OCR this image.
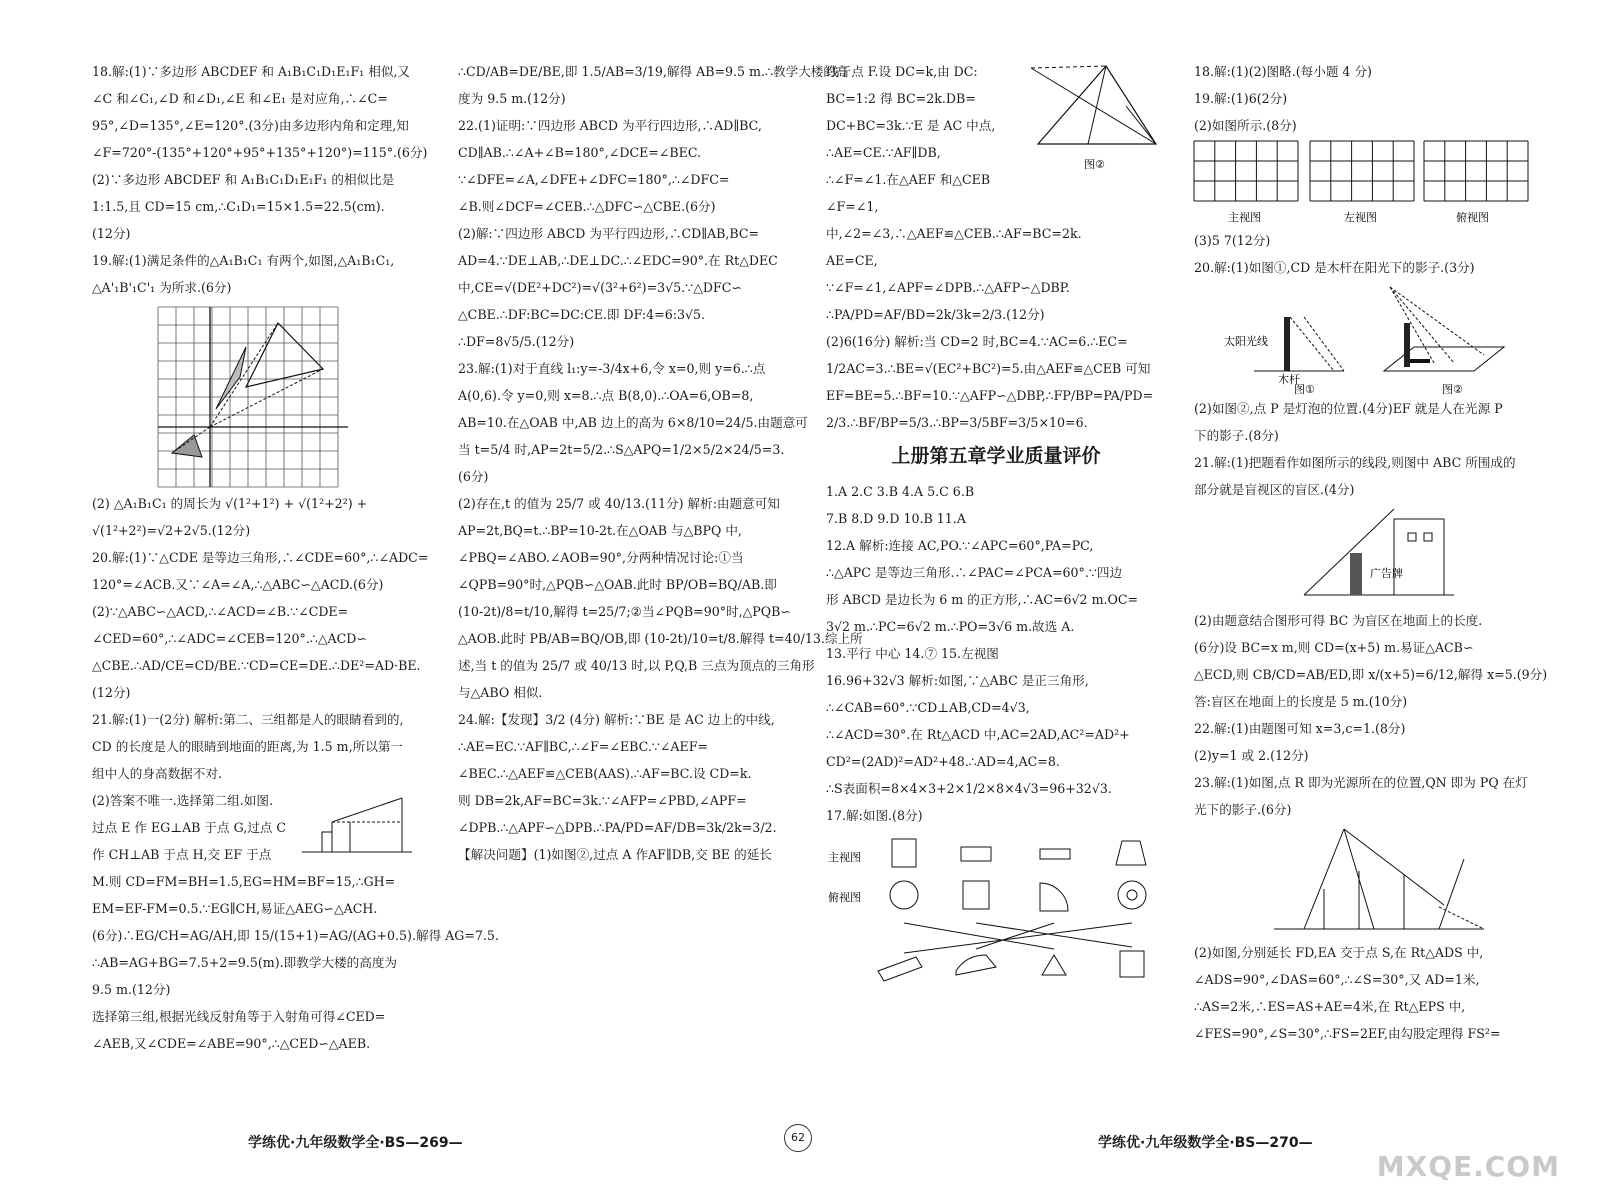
18.解:(1)∵多边形 ABCDEF 和 A₁B₁C₁D₁E₁F₁ 相似,又

∠C 和∠C₁,∠D 和∠D₁,∠E 和∠E₁ 是对应角,∴∠C=

95°,∠D=135°,∠E=120°.(3分)由多边形内角和定理,知

∠F=720°-(135°+120°+95°+135°+120°)=115°.(6分)

(2)∵多边形 ABCDEF 和 A₁B₁C₁D₁E₁F₁ 的相似比是

1:1.5,且 CD=15 cm,∴C₁D₁=15×1.5=22.5(cm).

(12分)

19.解:(1)满足条件的△A₁B₁C₁ 有两个,如图,△A₁B₁C₁,

△A'₁B'₁C'₁ 为所求.(6分)

(2) △A₁B₁C₁ 的周长为 √(1²+1²) + √(1²+2²) +

√(1²+2²)=√2+2√5.(12分)

20.解:(1)∵△CDE 是等边三角形,∴∠CDE=60°,∴∠ADC=

120°=∠ACB.又∵∠A=∠A,∴△ABC∽△ACD.(6分)

(2)∵△ABC∽△ACD,∴∠ACD=∠B.∵∠CDE=

∠CED=60°,∴∠ADC=∠CEB=120°.∴△ACD∽

△CBE.∴AD/CE=CD/BE.∵CD=CE=DE.∴DE²=AD·BE.

(12分)

21.解:(1)一(2分) 解析:第二、三组都是人的眼睛看到的,

CD 的长度是人的眼睛到地面的距离,为 1.5 m,所以第一

组中人的身高数据不对.

(2)答案不唯一.选择第二组.如图.

过点 E 作 EG⊥AB 于点 G,过点 C

作 CH⊥AB 于点 H,交 EF 于点

M.则 CD=FM=BH=1.5,EG=HM=BF=15,∴GH=

EM=EF-FM=0.5.∵EG∥CH,易证△AEG∽△ACH.

(6分)∴EG/CH=AG/AH,即 15/(15+1)=AG/(AG+0.5).解得 AG=7.5.

∴AB=AG+BG=7.5+2=9.5(m).即教学大楼的高度为

9.5 m.(12分)

选择第三组,根据光线反射角等于入射角可得∠CED=

∠AEB,又∠CDE=∠ABE=90°,∴△CED∽△AEB.

∴CD/AB=DE/BE,即 1.5/AB=3/19,解得 AB=9.5 m.∴教学大楼的高

度为 9.5 m.(12分)

22.(1)证明:∵四边形 ABCD 为平行四边形,∴AD∥BC,

CD∥AB.∴∠A+∠B=180°,∠DCE=∠BEC.

∵∠DFE=∠A,∠DFE+∠DFC=180°,∴∠DFC=

∠B.则∠DCF=∠CEB.∴△DFC∽△CBE.(6分)

(2)解:∵四边形 ABCD 为平行四边形,∴CD∥AB,BC=

AD=4.∵DE⊥AB,∴DE⊥DC.∴∠EDC=90°.在 Rt△DEC

中,CE=√(DE²+DC²)=√(3²+6²)=3√5.∵△DFC∽

△CBE.∴DF:BC=DC:CE.即 DF:4=6:3√5.

∴DF=8√5/5.(12分)

23.解:(1)对于直线 l₁:y=-3/4x+6,令 x=0,则 y=6.∴点

A(0,6).令 y=0,则 x=8.∴点 B(8,0).∴OA=6,OB=8,

AB=10.在△OAB 中,AB 边上的高为 6×8/10=24/5.由题意可

当 t=5/4 时,AP=2t=5/2.∴S△APQ=1/2×5/2×24/5=3.

(6分)

(2)存在,t 的值为 25/7 或 40/13.(11分) 解析:由题意可知

AP=2t,BQ=t.∴BP=10-2t.在△OAB 与△BPQ 中,

∠PBQ=∠ABO.∠AOB=90°,分两种情况讨论:①当

∠QPB=90°时,△PQB∽△OAB.此时 BP/OB=BQ/AB.即

(10-2t)/8=t/10,解得 t=25/7;②当∠PQB=90°时,△PQB∽

△AOB.此时 PB/AB=BQ/OB,即 (10-2t)/10=t/8.解得 t=40/13.综上所

述,当 t 的值为 25/7 或 40/13 时,以 P,Q,B 三点为顶点的三角形

与△ABO 相似.

24.解:【发现】3/2 (4分) 解析:∵BE 是 AC 边上的中线,

∴AE=EC.∵AF∥BC,∴∠F=∠EBC.∵∠AEF=

∠BEC.∴△AEF≌△CEB(AAS).∴AF=BC.设 CD=k.

则 DB=2k,AF=BC=3k.∵∠AFP=∠PBD,∠APF=

∠DPB.∴△APF∽△DPB.∴PA/PD=AF/DB=3k/2k=3/2.

【解决问题】(1)如图②,过点 A 作AF∥DB,交 BE 的延长

图②

线于点 F.设 DC=k,由 DC:

BC=1:2 得 BC=2k.DB=

DC+BC=3k.∵E 是 AC 中点,

∴AE=CE.∵AF∥DB,

∴∠F=∠1.在△AEF 和△CEB

∠F=∠1,

中,∠2=∠3,∴△AEF≌△CEB.∴AF=BC=2k.

AE=CE,

∵∠F=∠1,∠APF=∠DPB.∴△AFP∽△DBP.

∴PA/PD=AF/BD=2k/3k=2/3.(12分)

(2)6(16分) 解析:当 CD=2 时,BC=4.∵AC=6.∴EC=

1/2AC=3.∴BE=√(EC²+BC²)=5.由△AEF≌△CEB 可知

EF=BE=5.∴BF=10.∵△AFP∽△DBP,∴FP/BP=PA/PD=

2/3.∴BF/BP=5/3.∴BP=3/5BF=3/5×10=6.

上册第五章学业质量评价

1.A 2.C 3.B 4.A 5.C 6.B

7.B 8.D 9.D 10.B 11.A

12.A 解析:连接 AC,PO.∵∠APC=60°,PA=PC,

∴△APC 是等边三角形.∴∠PAC=∠PCA=60°.∵四边

形 ABCD 是边长为 6 m 的正方形,∴AC=6√2 m.OC=

3√2 m.∴PC=6√2 m.∴PO=3√6 m.故选 A.

13.平行 中心 14.⑦ 15.左视图

16.96+32√3 解析:如图,∵△ABC 是正三角形,

∴∠CAB=60°.∵CD⊥AB,CD=4√3,

∴∠ACD=30°.在 Rt△ACD 中,AC=2AD,AC²=AD²+

CD²=(2AD)²=AD²+48.∴AD=4,AC=8.

∴S表面积=8×4×3+2×1/2×8×4√3=96+32√3.

17.解:如图.(8分)

主视图
俯视图

18.解:(1)(2)图略.(每小题 4 分)

19.解:(1)6(2分)

(2)如图所示.(8分)

主视图	左视图	俯视图

(3)5 7(12分)

20.解:(1)如图①,CD 是木杆在阳光下的影子.(3分)

太阳光线
木杆
图①	图②

(2)如图②,点 P 是灯泡的位置.(4分)EF 就是人在光源 P

下的影子.(8分)

21.解:(1)把题看作如图所示的线段,则图中 ABC 所围成的

部分就是盲视区的盲区.(4分)

广告牌

(2)由题意结合图形可得 BC 为盲区在地面上的长度.

(6分)设 BC=x m,则 CD=(x+5) m.易证△ACB∽

△ECD,则 CB/CD=AB/ED,即 x/(x+5)=6/12,解得 x=5.(9分)

答:盲区在地面上的长度是 5 m.(10分)

22.解:(1)由题图可知 x=3,c=1.(8分)

(2)y=1 或 2.(12分)

23.解:(1)如图,点 R 即为光源所在的位置,QN 即为 PQ 在灯

光下的影子.(6分)

(2)如图,分别延长 FD,EA 交于点 S,在 Rt△ADS 中,

∠ADS=90°,∠DAS=60°,∴∠S=30°,又 AD=1米,

∴AS=2米,∴ES=AS+AE=4米,在 Rt△EPS 中,

∠FES=90°,∠S=30°,∴FS=2EF,由勾股定理得 FS²=

学练优·九年级数学全·BS—269—	62	学练优·九年级数学全·BS—270—
MXQE.COM
